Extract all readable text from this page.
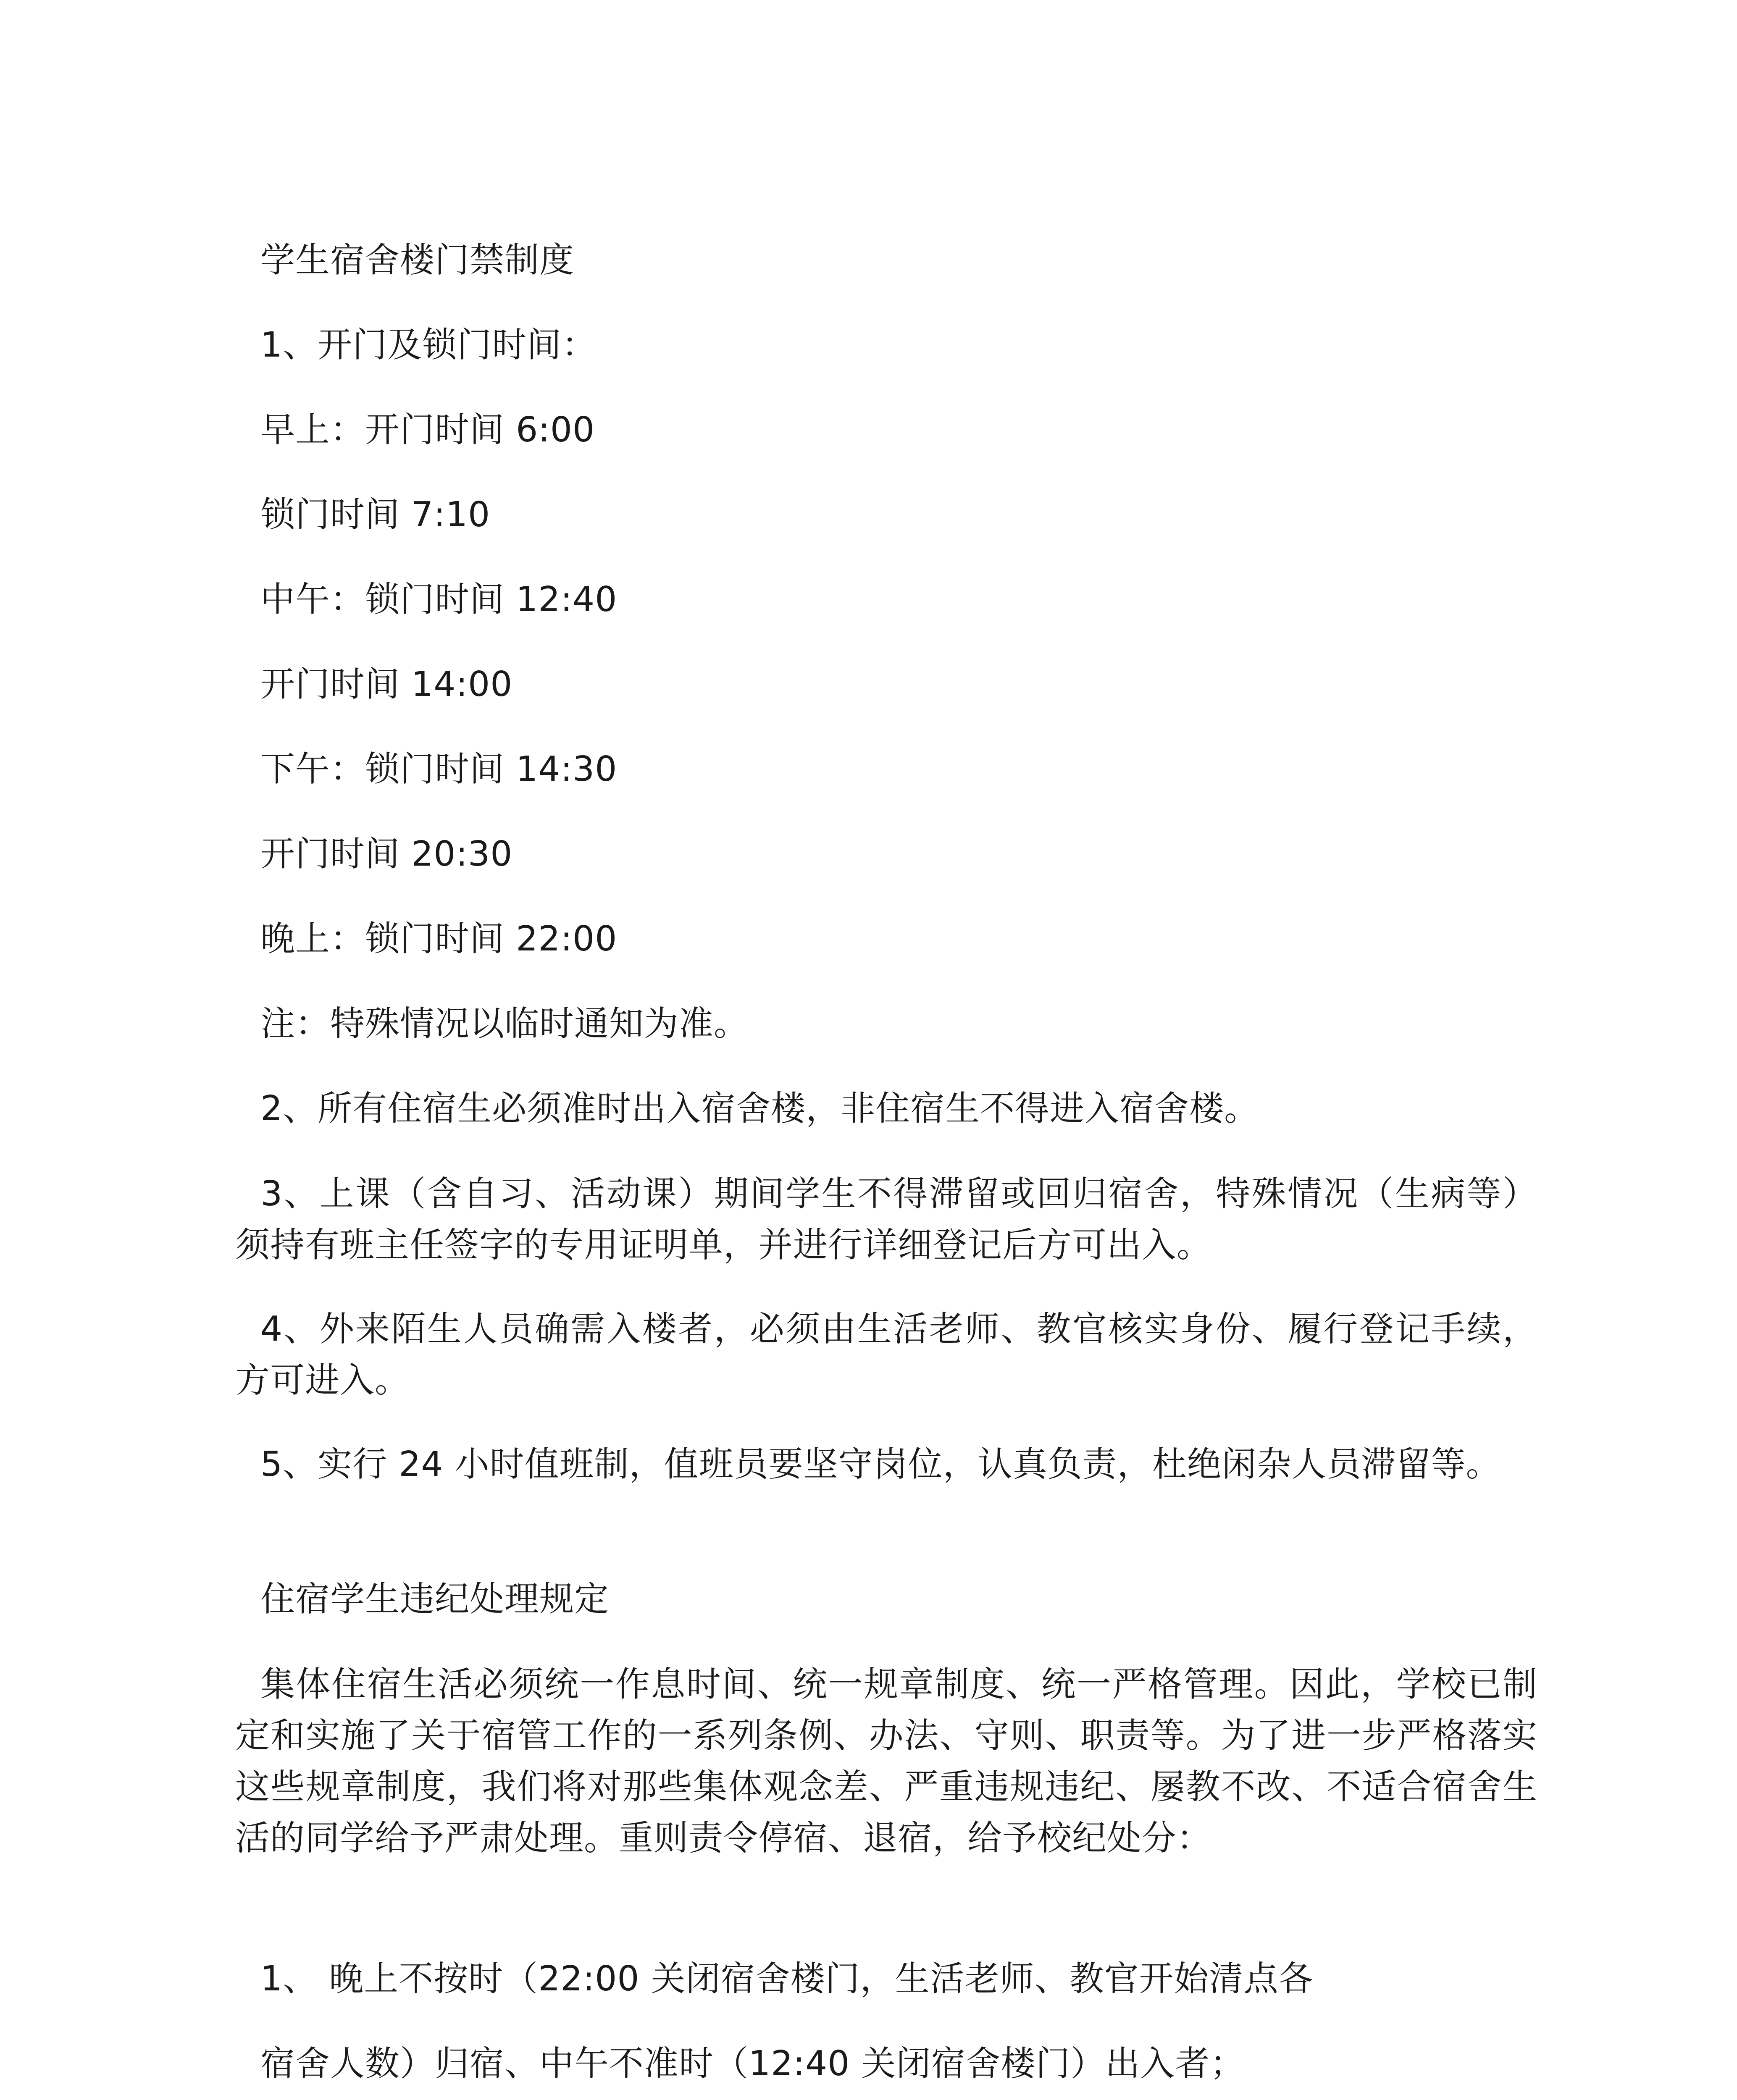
学生宿舍楼门禁制度
1、开门及锁门时间：
早上：开门时间 6:00
锁门时间 7:10
中午：锁门时间 12:40
开门时间 14:00
下午：锁门时间 14:30
开门时间 20:30
晚上：锁门时间 22:00
注：特殊情况以临时通知为准。
2、所有住宿生必须准时出入宿舍楼，非住宿生不得进入宿舍楼。
3、上课（含自习、活动课）期间学生不得滞留或回归宿舍，特殊情况（生病等）须持有班主任签字的专用证明单，并进行详细登记后方可出入。
4、外来陌生人员确需入楼者，必须由生活老师、教官核实身份、履行登记手续，方可进入。
5、实行 24 小时值班制，值班员要坚守岗位，认真负责，杜绝闲杂人员滞留等。
住宿学生违纪处理规定
集体住宿生活必须统一作息时间、统一规章制度、统一严格管理。因此，学校已制定和实施了关于宿管工作的一系列条例、办法、守则、职责等。为了进一步严格落实这些规章制度，我们将对那些集体观念差、严重违规违纪、屡教不改、不适合宿舍生活的同学给予严肃处理。重则责令停宿、退宿，给予校纪处分：
1、 晚上不按时（22:00 关闭宿舍楼门，生活老师、教官开始清点各
宿舍人数）归宿、中午不准时（12:40 关闭宿舍楼门）出入者；
